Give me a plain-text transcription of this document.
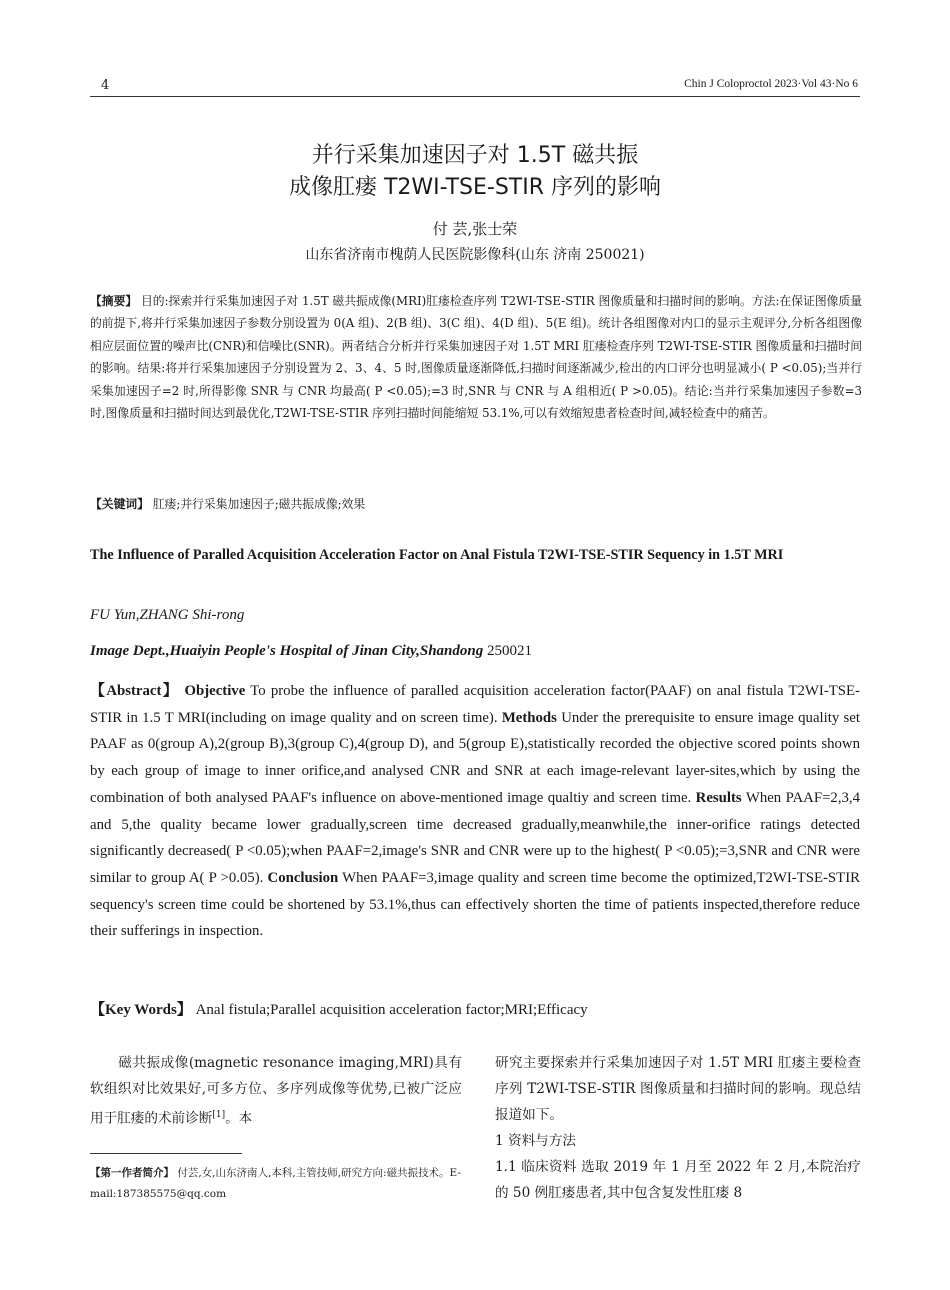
4	Chin J Coloproctol 2023·Vol 43·No 6
并行采集加速因子对 1.5T 磁共振
成像肛瘘 T2WI-TSE-STIR 序列的影响
付 芸,张士荣
山东省济南市槐荫人民医院影像科(山东 济南 250021)
【摘要】 目的:探索并行采集加速因子对 1.5T 磁共振成像(MRI)肛瘘检查序列 T2WI-TSE-STIR 图像质量和扫描时间的影响。方法:在保证图像质量的前提下,将并行采集加速因子参数分别设置为 0(A 组)、2(B 组)、3(C 组)、4(D 组)、5(E 组)。统计各组图像对内口的显示主观评分,分析各组图像相应层面位置的噪声比(CNR)和信噪比(SNR)。两者结合分析并行采集加速因子对 1.5T MRI 肛瘘检查序列 T2WI-TSE-STIR 图像质量和扫描时间的影响。结果:将并行采集加速因子分别设置为 2、3、4、5 时,图像质量逐渐降低,扫描时间逐渐减少,检出的内口评分也明显减小( P <0.05);当并行采集加速因子=2 时,所得影像 SNR 与 CNR 均最高( P <0.05);=3 时,SNR 与 CNR 与 A 组相近( P >0.05)。结论:当并行采集加速因子参数=3 时,图像质量和扫描时间达到最优化,T2WI-TSE-STIR 序列扫描时间能缩短 53.1%,可以有效缩短患者检查时间,减轻检查中的痛苦。
【关键词】 肛瘘;并行采集加速因子;磁共振成像;效果
The Influence of Paralled Acquisition Acceleration Factor on Anal Fistula T2WI-TSE-STIR Sequency in 1.5T MRI
FU Yun,ZHANG Shi-rong
Image Dept.,Huaiyin People's Hospital of Jinan City,Shandong 250021
【Abstract】 Objective To probe the influence of paralled acquisition acceleration factor(PAAF) on anal fistula T2WI-TSE-STIR in 1.5 T MRI(including on image quality and on screen time). Methods Under the prerequisite to ensure image quality set PAAF as 0(group A),2(group B),3(group C),4(group D), and 5(group E),statistically recorded the objective scored points shown by each group of image to inner orifice,and analysed CNR and SNR at each image-relevant layer-sites,which by using the combination of both analysed PAAF's influence on above-mentioned image qualtiy and screen time. Results When PAAF=2,3,4 and 5,the quality became lower gradually,screen time decreased gradually,meanwhile,the inner-orifice ratings detected significantly decreased( P <0.05);when PAAF=2,image's SNR and CNR were up to the highest( P <0.05);=3,SNR and CNR were similar to group A( P >0.05). Conclusion When PAAF=3,image quality and screen time become the optimized,T2WI-TSE-STIR sequency's screen time could be shortened by 53.1%,thus can effectively shorten the time of patients inspected,therefore reduce their sufferings in inspection.
【Key Words】 Anal fistula;Parallel acquisition acceleration factor;MRI;Efficacy
　　磁共振成像(magnetic resonance imaging,MRI)具有软组织对比效果好,可多方位、多序列成像等优势,已被广泛应用于肛瘘的术前诊断[1]。本
研究主要探索并行采集加速因子对 1.5T MRI 肛瘘主要检查序列 T2WI-TSE-STIR 图像质量和扫描时间的影响。现总结报道如下。
1 资料与方法
1.1 临床资料 选取 2019 年 1 月至 2022 年 2 月,本院治疗的 50 例肛瘘患者,其中包含复发性肛瘘 8
【第一作者简介】 付芸,女,山东济南人,本科,主管技师,研究方向:磁共振技术。E-mail:187385575@qq.com
